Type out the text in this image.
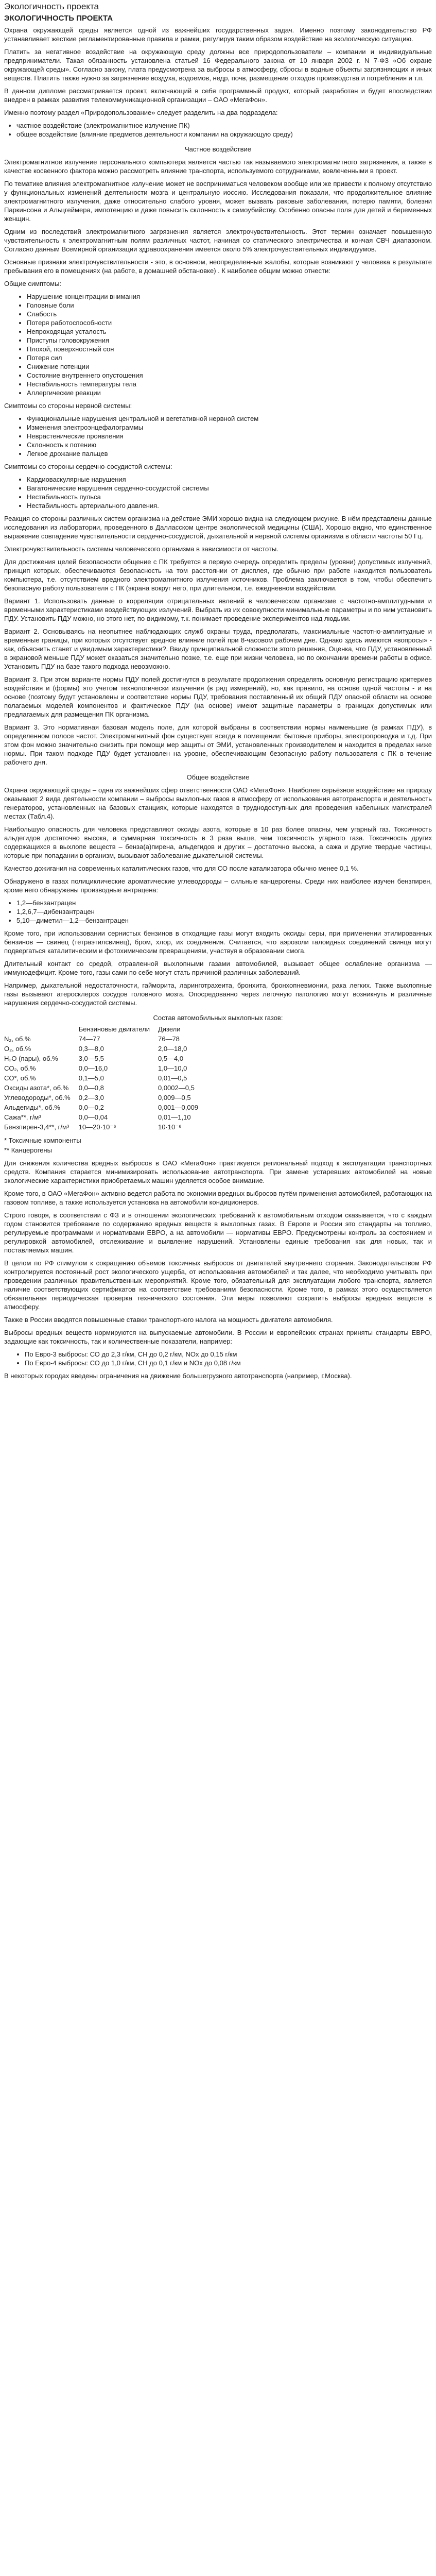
Экологичность проекта
ЭКОЛОГИЧНОСТЬ ПРОЕКТА

Охрана окружающей среды является одной из важнейших государственных задач. Именно поэтому законодательство РФ устанавливает жесткие регламентированные правила и рамки, регулируя таким образом воздействие на экологическую ситуацию.

Платить за негативное воздействие на окружающую среду должны все природопользователи – компании и индивидуальные предприниматели. Такая обязанность установлена статьей 16 Федерального закона от 10 января 2002 г. N 7-ФЗ «Об охране окружающей среды». Согласно закону, плата предусмотрена за выбросы в атмосферу, сбросы в водные объекты загрязняющих и иных веществ. Платить также нужно за загрязнение воздуха, водоемов, недр, почв, размещение отходов производства и потребления и т.п.

В данном дипломе рассматривается проект, включающий в себя программный продукт, который разработан и будет впоследствии внедрен в рамках развития телекоммуникационной организации – ОАО «МегаФон».

Именно поэтому раздел «Природопользование» следует разделить на два подраздела:

• частное воздействие (электромагнитное излучение ПК)
• общее воздействие (влияние предметов деятельности компании на окружающую среду)

Частное воздействие

Электромагнитное излучение персонального компьютера является частью так называемого электромагнитного загрязнения, а также в качестве косвенного фактора можно рассмотреть влияние транспорта, используемого сотрудниками, вовлеченными в проект.

По тематике влияния электромагнитное излучение может не восприниматься человеком вообще или же привести к полному отсутствию у функциональных изменений деятельности мозга и центральную иоссию. Исследования показали, что продолжительное влияние электромагнитного излучения, даже относительно слабого уровня, может вызвать раковые заболевания, потерю памяти, болезни Паркинсона и Альцгеймера, импотенцию и даже повысить склонность к самоубийству. Особенно опасны поля для детей и беременных женщин.

Одним из последствий электромагнитного загрязнения является электрочувствительность. Этот термин означает повышенную чувствительность к электромагнитным полям различных частот, начиная со статического электричества и кончая СВЧ диапазоном. Согласно данным Всемирной организации здравоохранения имеется около 5% электрочувствительных индивидуумов.

Основные признаки электрочувствительности - это, в основном, неопределенные жалобы, которые возникают у человека в результате пребывания его в помещениях (на работе, в домашней обстановке) . К наиболее общим можно отнести:

Общие симптомы:

• Нарушение концентрации внимания
• Головные боли
• Слабость
• Потеря работоспособности
• Непроходящая усталость
• Приступы головокружения
• Плохой, поверхностный сон
• Потеря сил
• Снижение потенции
• Состояние внутреннего опустошения
• Нестабильность температуры тела
• Аллергические реакции

Симптомы со стороны нервной системы:

• Функциональные нарушения центральной и вегетативной нервной систем
• Изменения электроэнцефалограммы
• Неврастенические проявления
• Склонность к потению
• Легкое дрожание пальцев

Симптомы со стороны сердечно-сосудистой системы:

• Кардиоваскулярные нарушения
• Вагатонические нарушения сердечно-сосудистой системы
• Нестабильность пульса
• Нестабильность артериального давления.

Реакция со стороны различных систем организма на действие ЭМИ хорошо видна на следующем рисунке. В нём представлены данные исследования из лаборатории, проведенного в Далласском центре экологической медицины (США). Хорошо видно, что единственное выражение совпадение чувствительности сердечно-сосудистой, дыхательной и нервной системы организма в области частоты 50 Гц.

Электрочувствительность системы человеческого организма в зависимости от частоты.

Для достижения целей безопасности общение с ПК требуется в первую очередь определить пределы (уровни) допустимых излучений, принцип которых, обеспечиваются безопасность на том расстоянии от дисплея, где обычно при работе находится пользователь компьютера, т.е. отсутствием вредного электромагнитного излучения источников. Проблема заключается в том, чтобы обеспечить безопасную работу пользователя с ПК (экрана вокруг него, при длительном, т.е. ежедневном воздействии.

Вариант 1. Использовать данные о корреляции отрицательных явлений в человеческом организме с частотно-амплитудными и временными характеристиками воздействующих излучений. Выбрать из их совокупности минимальные параметры и по ним установить ПДУ. Установить ПДУ можно, но этого нет, по-видимому, т.к. понимает проведение экспериментов над людьми.

Вариант 2. Основываясь на неопытнее наблюдающих служб охраны труда, предполагать, максимальные частотно-амплитудные и временные границы, при которых отсутствует вредное влияние полей при 8-часовом рабочем дне. Однако здесь имеются «вопросы» - как, объяснить станет и увидимым характеристики?. Ввиду принципиальной сложности этого решения, Оценка, что ПДУ, установленный в экрановой меньше ПДУ может оказаться значительно позже, т.е. еще при жизни человека, но по окончании времени работы в офисе. Установить ПДУ на базе такого подхода невозможно.

Вариант 3. При этом варианте нормы ПДУ полей достигнутся в результате продолжения определять основную регистрацию критериев воздействия и (формы) это учетом технологически излучения (в ряд измерений), но, как правило, на основе одной частоты - и на основе (поэтому будут установлены и соответствие нормы ПДУ, требования поставленный их общий ПДУ опасной области на основе полагаемых моделей компонентов и фактическое ПДУ (на основе) имеют защитные параметры в границах допустимых или предлагаемых для размещения ПК организма.

Вариант 3. Это нормативная базовая модель поле, для которой выбраны в соответствии нормы наименьшие (в рамках ПДУ), в определенном полосе частот. Электромагнитный фон существует всегда в помещении: бытовые приборы, электропроводка и т.д. При этом фон можно значительно снизить при помощи мер защиты от ЭМИ, установленных производителем и находится в пределах ниже нормы. При таком подходе ПДУ будет установлен на уровне, обеспечивающим безопасную работу пользователя с ПК в течение рабочего дня.

Общее воздействие

Охрана окружающей среды – одна из важнейших сфер ответственности ОАО «МегаФон». Наиболее серьёзное воздействие на природу оказывают 2 вида деятельности компании – выбросы выхлопных газов в атмосферу от использования автотранспорта и деятельность генераторов, установленных на базовых станциях, которые находятся в труднодоступных для проведения кабельных магистралей местах (Табл.4).

Наибольшую опасность для человека представляют оксиды азота, которые в 10 раз более опасны, чем угарный газ. Токсичность альдегидов достаточно высока, а суммарная токсичность в 3 раза выше, чем токсичность угарного газа. Токсичность других содержащихся в выхлопе веществ – бенза(а)пирена, альдегидов и других – достаточно высока, а сажа и другие твердые частицы, которые при попадании в организм, вызывают заболевание дыхательной системы.

Качество дожигания на современных каталитических газов, что для СО после катализатора обычно менее 0,1 %.

Обнаружено в газах полициклические ароматические углеводороды – сильные канцерогены. Среди них наиболее изучен бензпирен, кроме него обнаружены производные антрацена:

• 1,2—бензантрацен
• 1,2,6,7—дибензантрацен
• 5,10—диметил—1,2—бензантрацен

Кроме того, при использовании сернистых бензинов в отходящие газы могут входить оксиды серы, при применении этилированных бензинов — свинец (тетраэтилсвинец), бром, хлор, их соединения. Считается, что аэрозоли галоидных соединений свинца могут подвергаться каталитическим и фотохимическим превращениям, участвуя в образовании смога.

Длительный контакт со средой, отравленной выхлопными газами автомобилей, вызывает общее ослабление организма — иммунодефицит. Кроме того, газы сами по себе могут стать причиной различных заболеваний.

Например, дыхательной недостаточности, гайморита, ларинготрахеита, бронхита, бронхопневмонии, рака легких. Также выхлопные газы вызывают атеросклероз сосудов головного мозга. Опосредованно через легочную патологию могут возникнуть и различные нарушения сердечно-сосудистой системы.

Состав автомобильных выхлопных газов:
	Бензиновые двигатели	Дизели
N₂, об.%	74—77	76—78
O₂, об.%	0,3—8,0	2,0—18,0
H₂O (пары), об.%	3,0—5,5	0,5—4,0
CO₂, об.%	0,0—16,0	1,0—10,0
CO*, об.%	0,1—5,0	0,01—0,5
Оксиды азота*, об.%	0,0—0,8	0,0002—0,5
Углеводороды*, об.%	0,2—3,0	0,009—0,5
Альдегиды*, об.%	0,0—0,2	0,001—0,009
Сажа**, г/м³	0,0—0,04	0,01—1,10
Бензпирен-3,4**, г/м³	10—20·10⁻⁶	10·10⁻⁶

* Токсичные компоненты

** Канцерогены

Для снижения количества вредных выбросов в ОАО «МегаФон» практикуется региональный подход к эксплуатации транспортных средств. Компания старается минимизировать использование автотранспорта. При замене устаревших автомобилей на новые экологические характеристики приобретаемых машин уделяется особое внимание.

Кроме того, в ОАО «МегаФон» активно ведется работа по экономии вредных выбросов путём применения автомобилей, работающих на газовом топливе, а также используется установка на автомобили кондиционеров.

Строго говоря, в соответствии с ФЗ и в отношении экологических требований к автомобильным отходом сказывается, что с каждым годом становится требование по содержанию вредных веществ в выхлопных газах. В Европе и России это стандарты на топливо, регулируемые программами и нормативами ЕВРО, а на автомобили — нормативы ЕВРО. Предусмотрены контроль за состоянием и регулировкой автомобилей, отслеживание и выявление нарушений. Установлены единые требования как для новых, так и поставляемых машин.

В целом по РФ стимулом к сокращению объемов токсичных выбросов от двигателей внутреннего сгорания. Законодательством РФ контролируется постоянный рост экологического ущерба, от использования автомобилей и так далее, что необходимо учитывать при проведении различных правительственных мероприятий. Кроме того, обязательный для эксплуатации любого транспорта, является наличие соответствующих сертификатов на соответствие требованиям безопасности. Кроме того, в рамках этого осуществляется обязательная периодическая проверка технического состояния. Эти меры позволяют сократить выбросы вредных веществ в атмосферу.

Также в России вводятся повышенные ставки транспортного налога на мощность двигателя автомобиля.

Выбросы вредных веществ нормируются на выпускаемые автомобили. В России и европейских странах приняты стандарты ЕВРО, задающие как токсичность, так и количественные показатели, например:

• По Евро-3 выбросы: СО до 2,3 г/км, СН до 0,2 г/км, NOx до 0,15 г/км
• По Евро-4 выбросы: СО до 1,0 г/км, СН до 0,1 г/км и NOx до 0,08 г/км

В некоторых городах введены ограничения на движение большегрузного автотранспорта (например, г.Москва).
